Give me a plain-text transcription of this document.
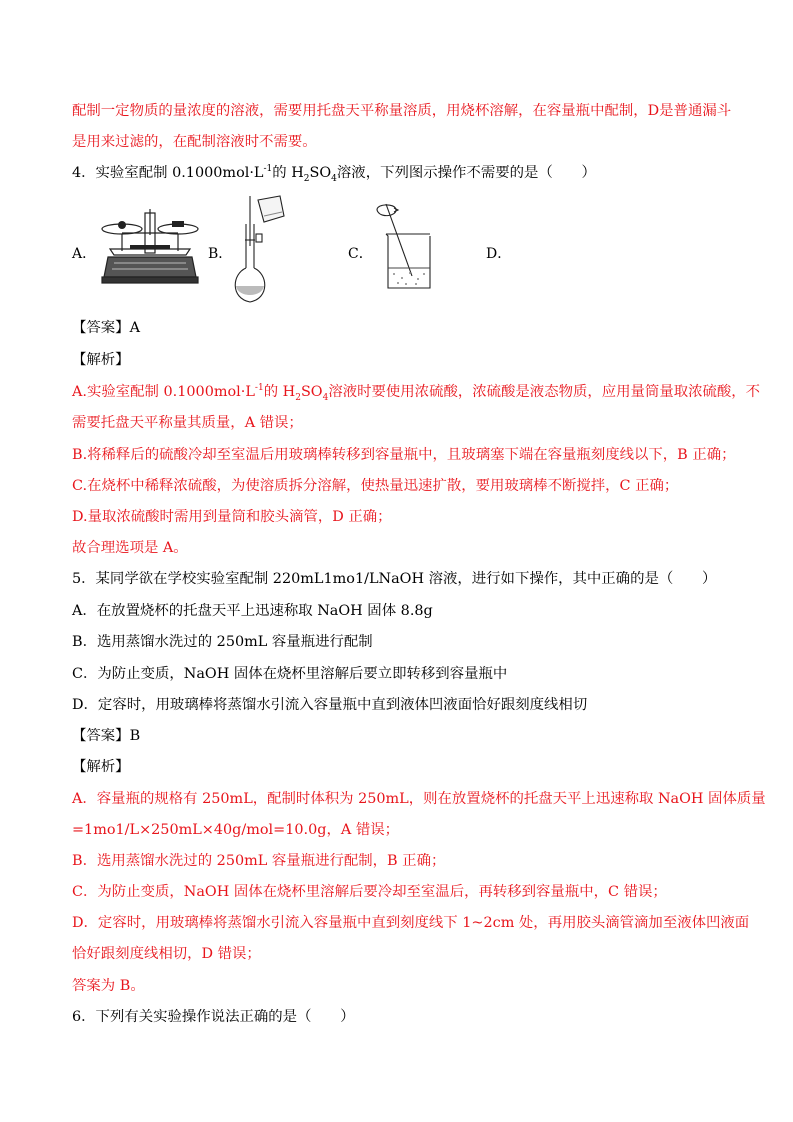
配制一定物质的量浓度的溶液，需要用托盘天平称量溶质，用烧杯溶解，在容量瓶中配制，D是普通漏斗
是用来过滤的，在配制溶液时不需要。
4．实验室配制 $0.1000mol\cdot L^{-1}$的 $H_2SO_4$溶液，下列图示操作不需要的是（　　）
A．	B．	C．	D．
【答案】A
【解析】
A.实验室配制 $0.1000mol\cdot L^{-1}$的 $H_2SO_4$溶液时要使用浓硫酸，浓硫酸是液态物质，应用量筒量取浓硫酸，不
需要托盘天平称量其质量，A 错误；
B.将稀释后的硫酸冷却至室温后用玻璃棒转移到容量瓶中，且玻璃塞下端在容量瓶刻度线以下，B 正确；
C.在烧杯中稀释浓硫酸，为使溶质拆分溶解，使热量迅速扩散，要用玻璃棒不断搅拌，C 正确；
D.量取浓硫酸时需用到量筒和胶头滴管，D 正确；
故合理选项是 A。
5．某同学欲在学校实验室配制 220mL1mo1/LNaOH 溶液，进行如下操作，其中正确的是（　　）
A．在放置烧杯的托盘天平上迅速称取 NaOH 固体 8.8g
B．选用蒸馏水洗过的 250mL 容量瓶进行配制
C．为防止变质，NaOH 固体在烧杯里溶解后要立即转移到容量瓶中
D．定容时，用玻璃棒将蒸馏水引流入容量瓶中直到液体凹液面恰好跟刻度线相切
【答案】B
【解析】
A．容量瓶的规格有 250mL，配制时体积为 250mL，则在放置烧杯的托盘天平上迅速称取 NaOH 固体质量
=1mo1/L×250mL×40g/mol=10.0g，A 错误；
B．选用蒸馏水洗过的 250mL 容量瓶进行配制，B 正确；
C．为防止变质，NaOH 固体在烧杯里溶解后要冷却至室温后，再转移到容量瓶中，C 错误；
D．定容时，用玻璃棒将蒸馏水引流入容量瓶中直到刻度线下 1~2cm 处，再用胶头滴管滴加至液体凹液面
恰好跟刻度线相切，D 错误；
答案为 B。
6．下列有关实验操作说法正确的是（　　）
